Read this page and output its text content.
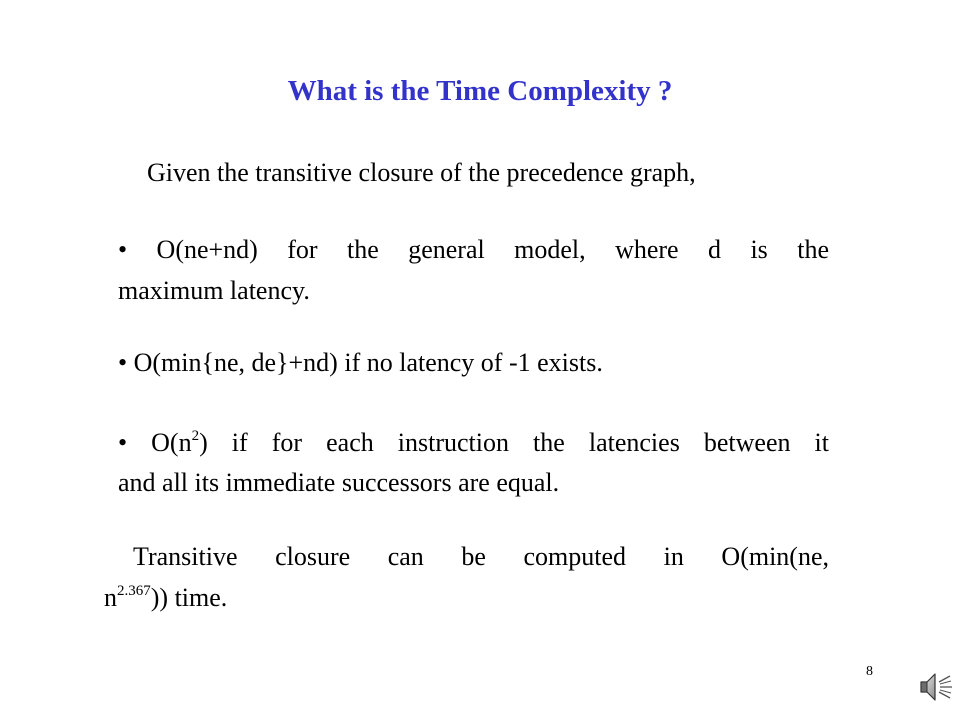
What is the Time Complexity ?
Given the transitive closure of the precedence graph,
• O(ne+nd) for the general model, where d is the
maximum latency.
• O(min{ne, de}+nd) if no latency of -1 exists.
• $O(n^2)$ if for each instruction the latencies between it
and all its immediate successors are equal.
Transitive closure can be computed in O(min(ne,
$n^{2.367}$)) time.
8
